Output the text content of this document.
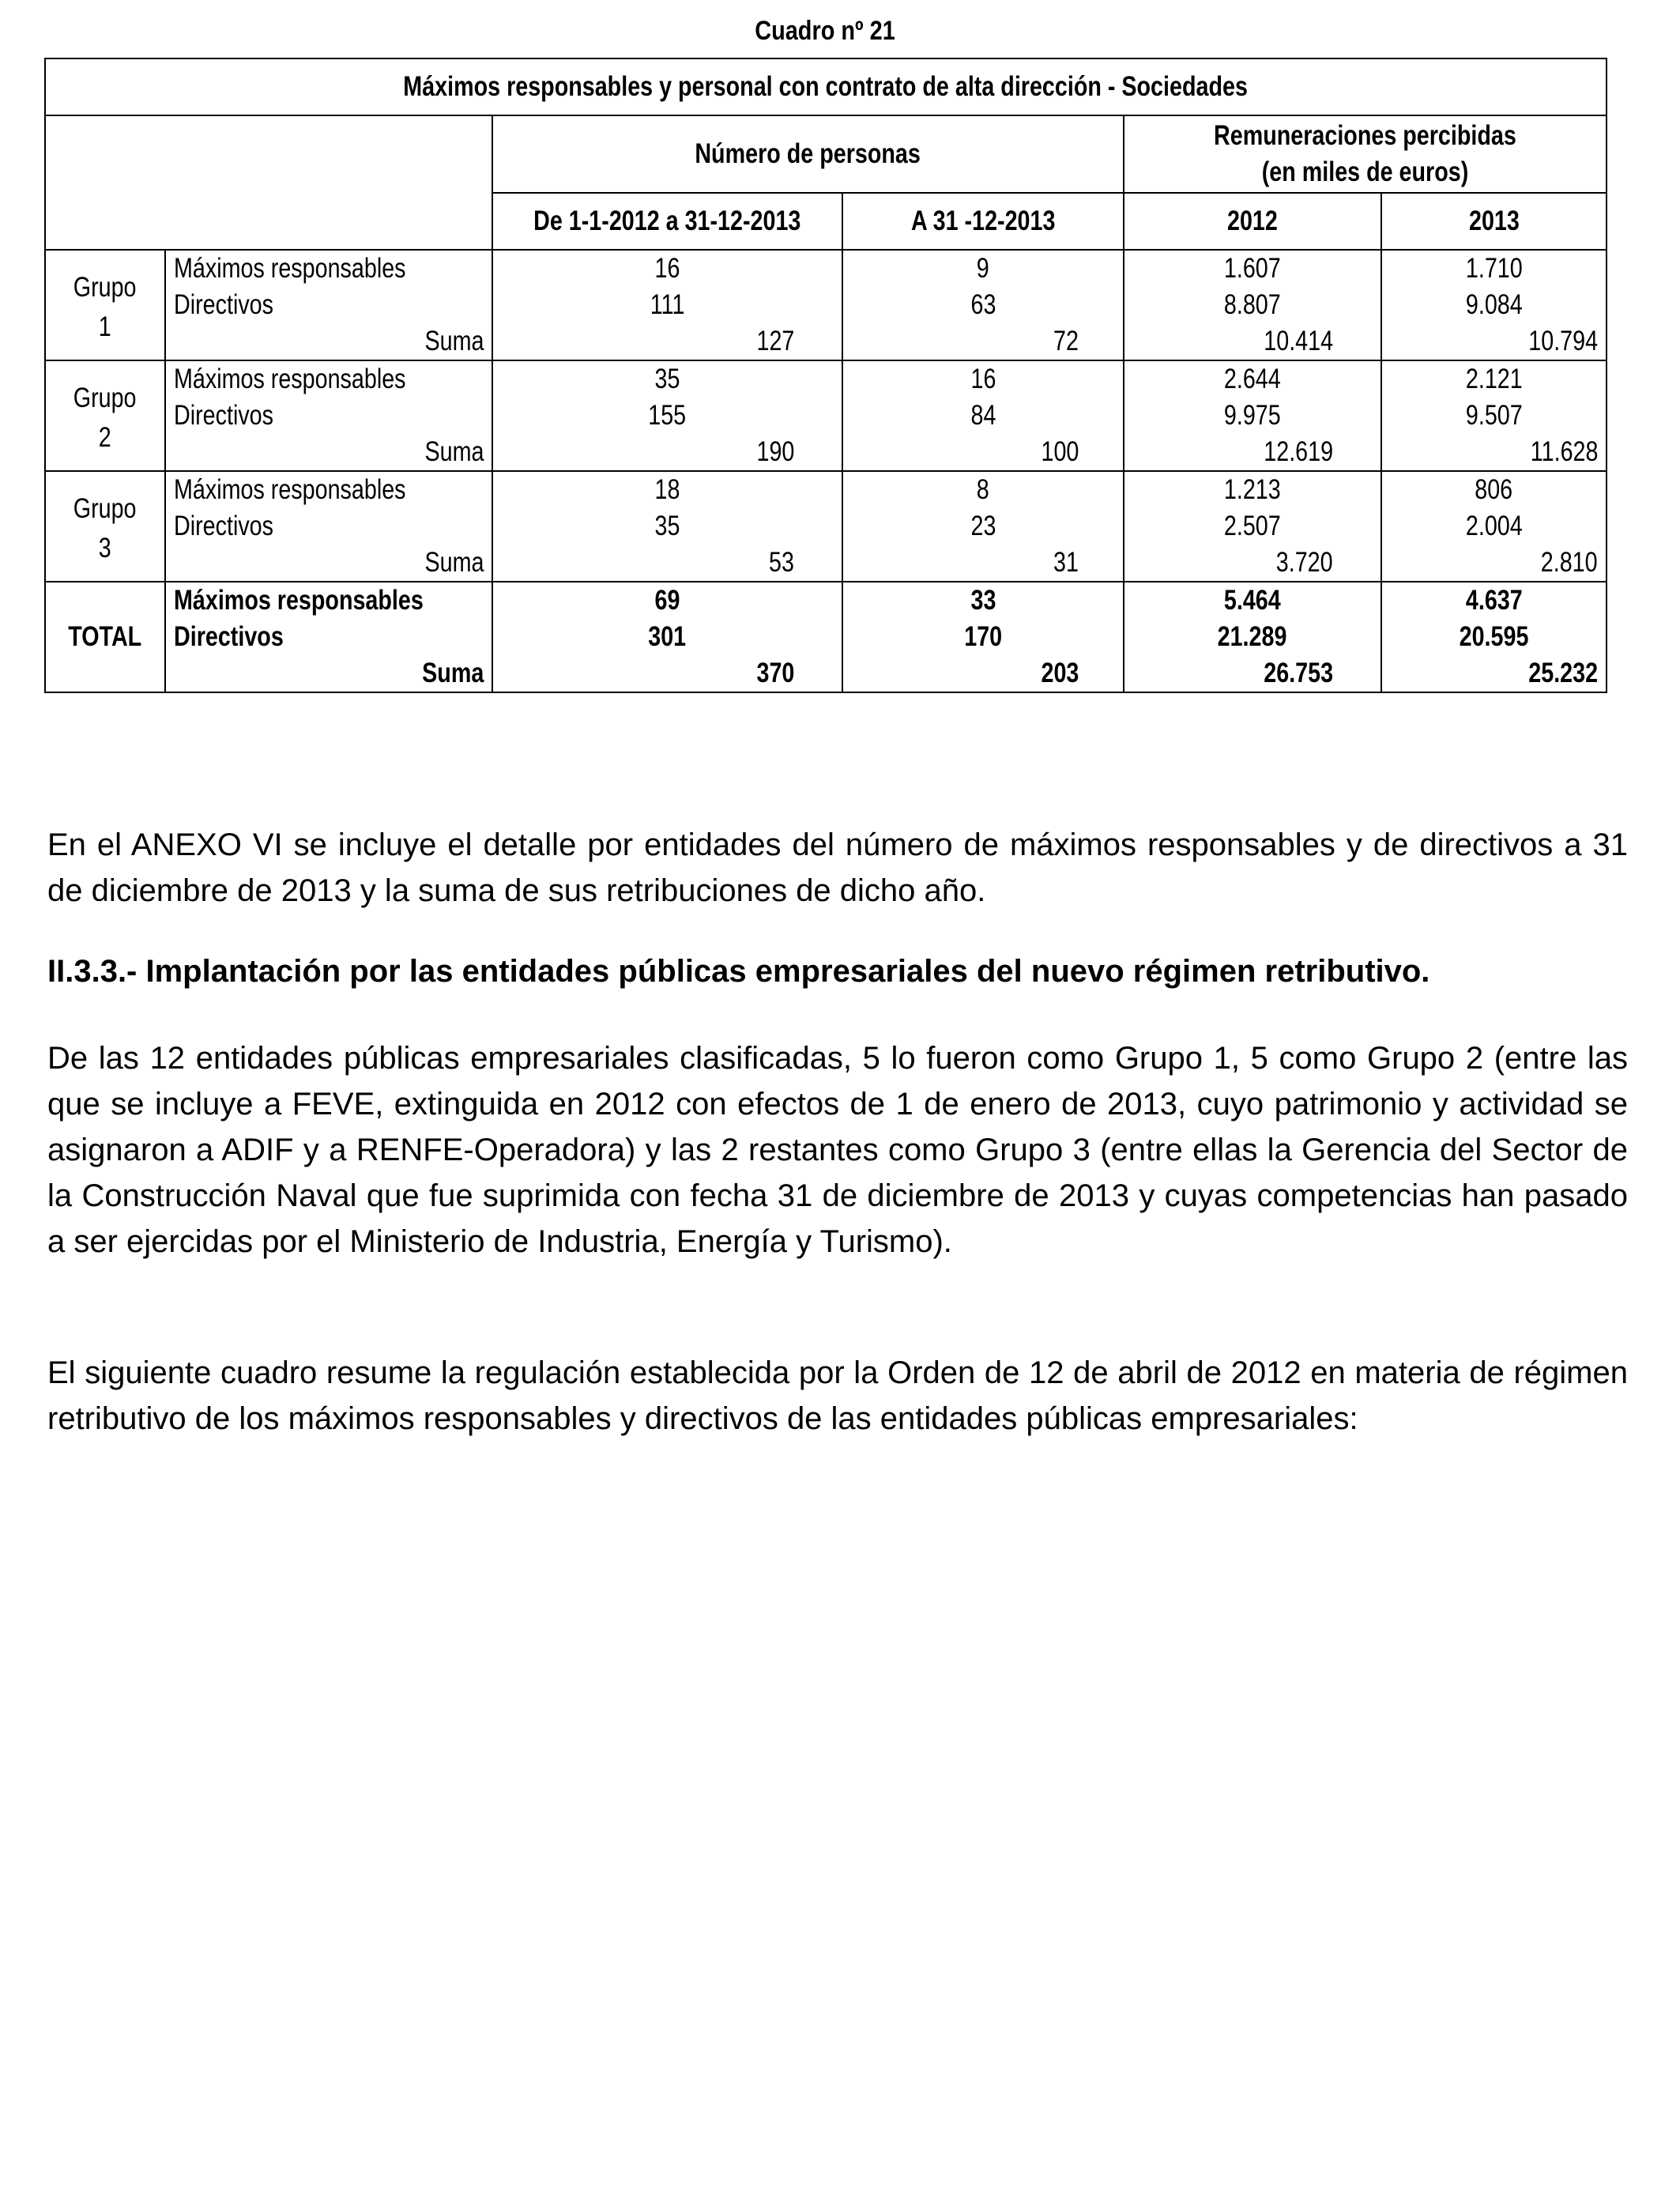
Cuadro nº 21
Máximos responsables y personal con contrato de alta dirección - Sociedades					
		Número de personas		Remuneraciones percibidas
(en miles de euros)	
		De 1-1-2012 a 31-12-2013	A 31 -12-2013	2012	2013
Grupo
1	Máximos responsables	16	9	1.607	1.710
	Directivos	111	63	8.807	9.084
	Suma	127	72	10.414	10.794
Grupo
2	Máximos responsables	35	16	2.644	2.121
	Directivos	155	84	9.975	9.507
	Suma	190	100	12.619	11.628
Grupo
3	Máximos responsables	18	8	1.213	806
	Directivos	35	23	2.507	2.004
	Suma	53	31	3.720	2.810
TOTAL	Máximos responsables	69	33	5.464	4.637
	Directivos	301	170	21.289	20.595
	Suma	370	203	26.753	25.232

En el ANEXO VI se incluye el detalle por entidades del número de máximos responsables y de directivos a 31 de diciembre de 2013 y la suma de sus retribuciones de dicho año.

II.3.3.- Implantación por las entidades públicas empresariales del nuevo régimen retributivo.

De las 12 entidades públicas empresariales clasificadas, 5 lo fueron como Grupo 1, 5 como Grupo 2 (entre las que se incluye a FEVE, extinguida en 2012 con efectos de 1 de enero de 2013, cuyo patrimonio y actividad se asignaron a ADIF y a RENFE-Operadora) y las 2 restantes como Grupo 3 (entre ellas la Gerencia del Sector de la Construcción Naval que fue suprimida con fecha 31 de diciembre de 2013 y cuyas competencias han pasado a ser ejercidas por el Ministerio de Industria, Energía y Turismo).

El siguiente cuadro resume la regulación establecida por la Orden de 12 de abril de 2012 en materia de régimen retributivo de los máximos responsables y directivos de las entidades públicas empresariales:
